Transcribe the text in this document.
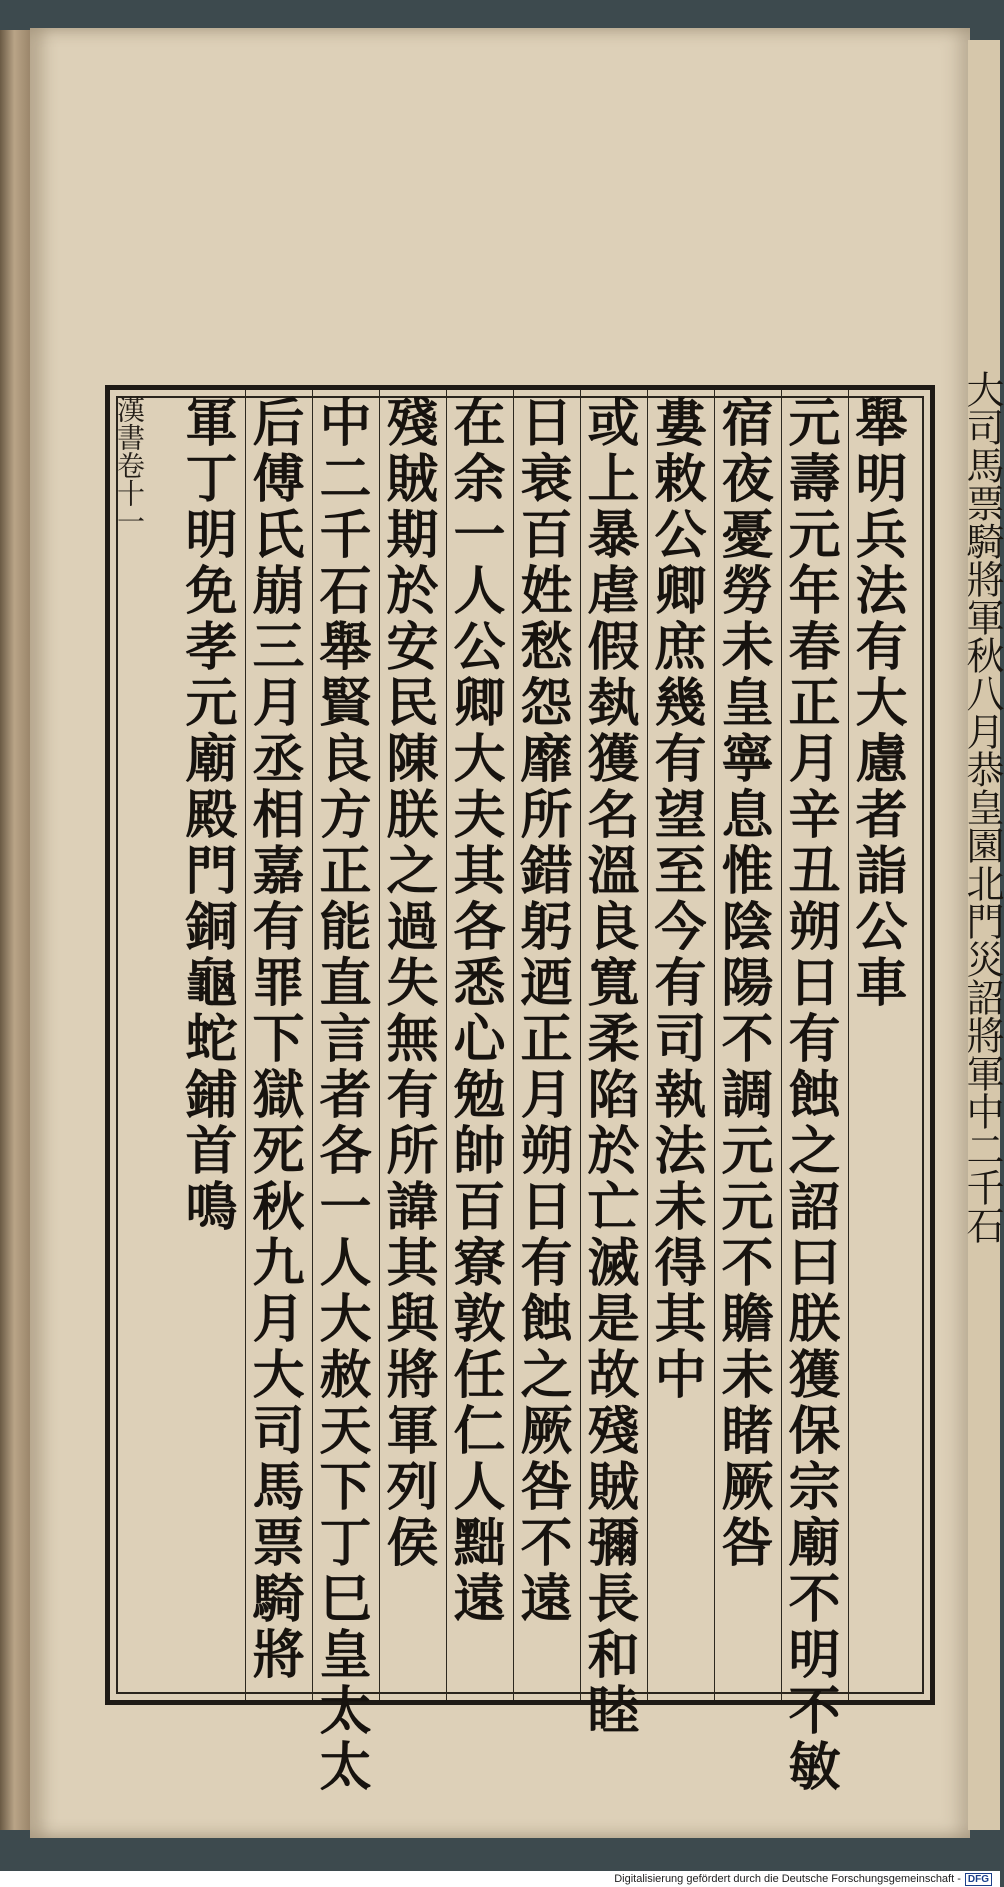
大司馬票騎將軍秋八月恭皇園北門災詔將軍中二千石
漢書卷十一	舉明兵法有大慮者詣公車
元壽元年春正月辛丑朔日有蝕之詔曰朕獲保宗廟不明不敏
宿夜憂勞未皇寧息惟陰陽不調元元不贍未睹厥咎
婁敕公卿庶幾有望至今有司執法未得其中
或上暴虐假埶獲名溫良寬柔陷於亡滅是故殘賊彌長和睦
日衰百姓愁怨靡所錯躬迺正月朔日有蝕之厥咎不遠
在余一人公卿大夫其各悉心勉帥百寮敦任仁人黜遠
殘賊期於安民陳朕之過失無有所諱其與將軍列侯
中二千石舉賢良方正能直言者各一人大赦天下丁巳皇太太
后傅氏崩三月丞相嘉有罪下獄死秋九月大司馬票騎將
軍丁明免孝元廟殿門銅龜蛇鋪首鳴
Digitalisierung gefördert durch die Deutsche Forschungsgemeinschaft - DFG
